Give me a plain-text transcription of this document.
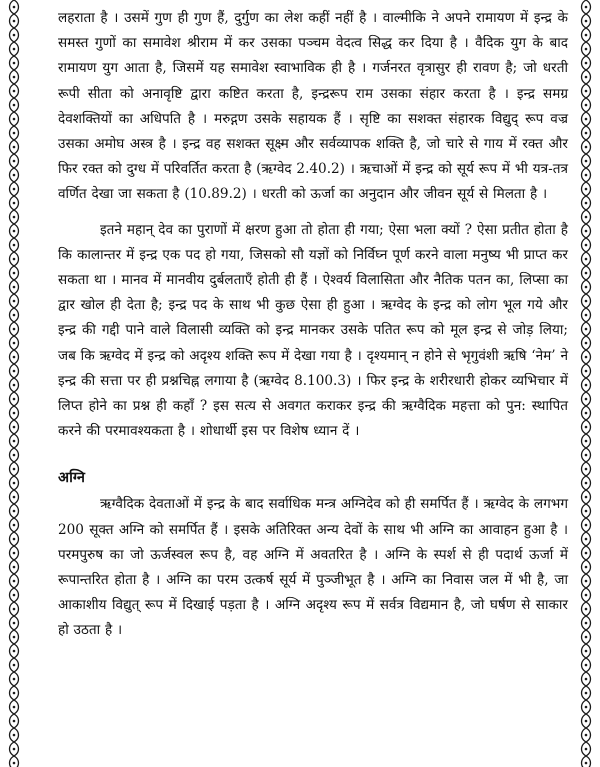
लहराता है । उसमें गुण ही गुण हैं, दुर्गुण का लेश कहीं नहीं है । वाल्मीकि ने अपने रामायण में इन्द्र के समस्त गुणों का समावेश श्रीराम में कर उसका पञ्चम वेदत्व सिद्ध कर दिया है । वैदिक युग के बाद रामायण युग आता है, जिसमें यह समावेश स्वाभाविक ही है । गर्जनरत वृत्रासुर ही रावण है; जो धरती रूपी सीता को अनावृष्टि द्वारा कष्टित करता है, इन्द्ररूप राम उसका संहार करता है । इन्द्र समग्र देवशक्तियों का अधिपति है । मरुद्गण उसके सहायक हैं । सृष्टि का सशक्त संहारक विद्युद् रूप वज्र उसका अमोघ अस्त्र है । इन्द्र वह सशक्त सूक्ष्म और सर्वव्यापक शक्ति है, जो चारे से गाय में रक्त और फिर रक्त को दुग्ध में परिवर्तित करता है (ऋग्वेद 2.40.2) । ऋचाओं में इन्द्र को सूर्य रूप में भी यत्र-तत्र वर्णित देखा जा सकता है (10.89.2) । धरती को ऊर्जा का अनुदान और जीवन सूर्य से मिलता है ।

इतने महान् देव का पुराणों में क्षरण हुआ तो होता ही गया; ऐसा भला क्यों ? ऐसा प्रतीत होता है कि कालान्तर में इन्द्र एक पद हो गया, जिसको सौ यज्ञों को निर्विघ्न पूर्ण करने वाला मनुष्य भी प्राप्त कर सकता था । मानव में मानवीय दुर्बलताएँ होती ही हैं । ऐश्वर्य विलासिता और नैतिक पतन का, लिप्सा का द्वार खोल ही देता है; इन्द्र पद के साथ भी कुछ ऐसा ही हुआ । ऋग्वेद के इन्द्र को लोग भूल गये और इन्द्र की गद्दी पाने वाले विलासी व्यक्ति को इन्द्र मानकर उसके पतित रूप को मूल इन्द्र से जोड़ लिया; जब कि ऋग्वेद में इन्द्र को अदृश्य शक्ति रूप में देखा गया है । दृश्यमान् न होने से भृगुवंशी ऋषि ‘नेम’ ने इन्द्र की सत्ता पर ही प्रश्नचिह्न लगाया है (ऋग्वेद 8.100.3) । फिर इन्द्र के शरीरधारी होकर व्यभिचार में लिप्त होने का प्रश्न ही कहाँ ? इस सत्य से अवगत कराकर इन्द्र की ऋग्वैदिक महत्ता को पुन: स्थापित करने की परमावश्यकता है । शोधार्थी इस पर विशेष ध्यान दें ।

अग्नि

ऋग्वैदिक देवताओं में इन्द्र के बाद सर्वाधिक मन्त्र अग्निदेव को ही समर्पित हैं । ऋग्वेद के लगभग 200 सूक्त अग्नि को समर्पित हैं । इसके अतिरिक्त अन्य देवों के साथ भी अग्नि का आवाहन हुआ है । परमपुरुष का जो ऊर्जस्वल रूप है, वह अग्नि में अवतरित है । अग्नि के स्पर्श से ही पदार्थ ऊर्जा में रूपान्तरित होता है । अग्नि का परम उत्कर्ष सूर्य में पुञ्जीभूत है । अग्नि का निवास जल में भी है, जा आकाशीय विद्युत् रूप में दिखाई पड़ता है । अग्नि अदृश्य रूप में सर्वत्र विद्यमान है, जो घर्षण से साकार हो उठता है ।
